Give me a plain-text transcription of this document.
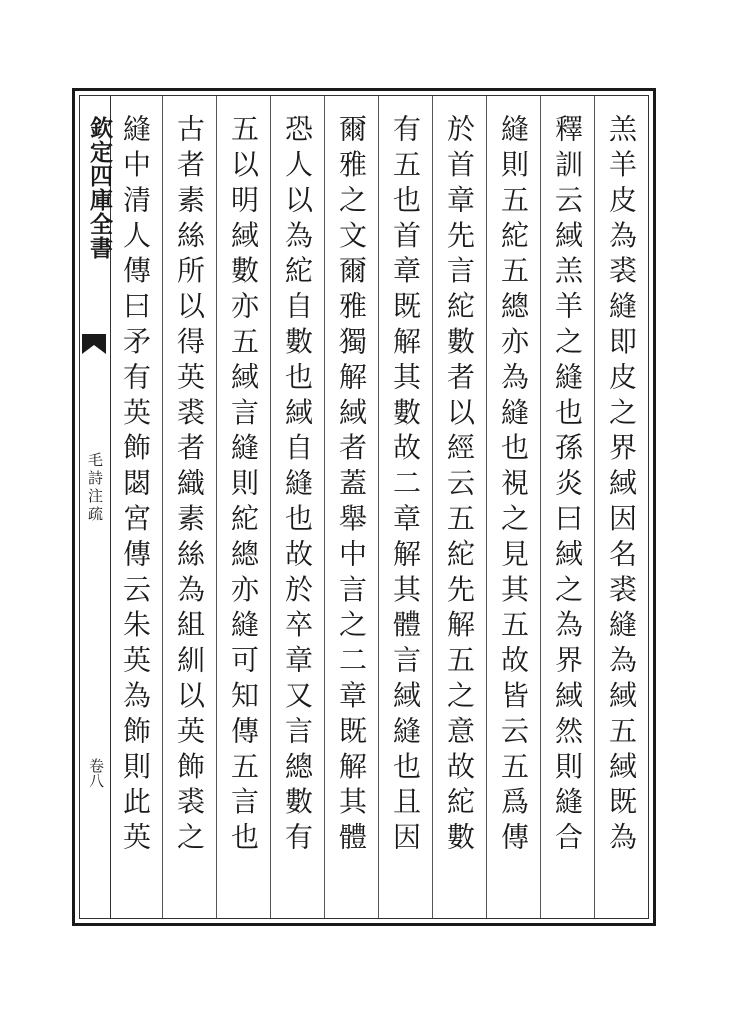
欽定四庫全書
毛詩注疏
卷八 縫中清人傳曰矛有英飾閟宮傳云朱英為飾則此英 古者素絲所以得英裘者織素絲為組紃以英飾裘之 五以明緎數亦五緎言縫則紽總亦縫可知傳五言也 恐人以為紽自數也緎自縫也故於卒章又言總數有 爾雅之文爾雅獨解緎者蓋舉中言之二章既解其體 有五也首章既解其數故二章解其體言緎縫也且因 於首章先言紽數者以經云五紽先解五之意故紽數 縫則五紽五總亦為縫也視之見其五故皆云五爲傳 釋訓云緎羔羊之縫也孫炎曰緎之為界緎然則縫合 羔羊皮為裘縫即皮之界緎因名裘縫為緎五緎既為
